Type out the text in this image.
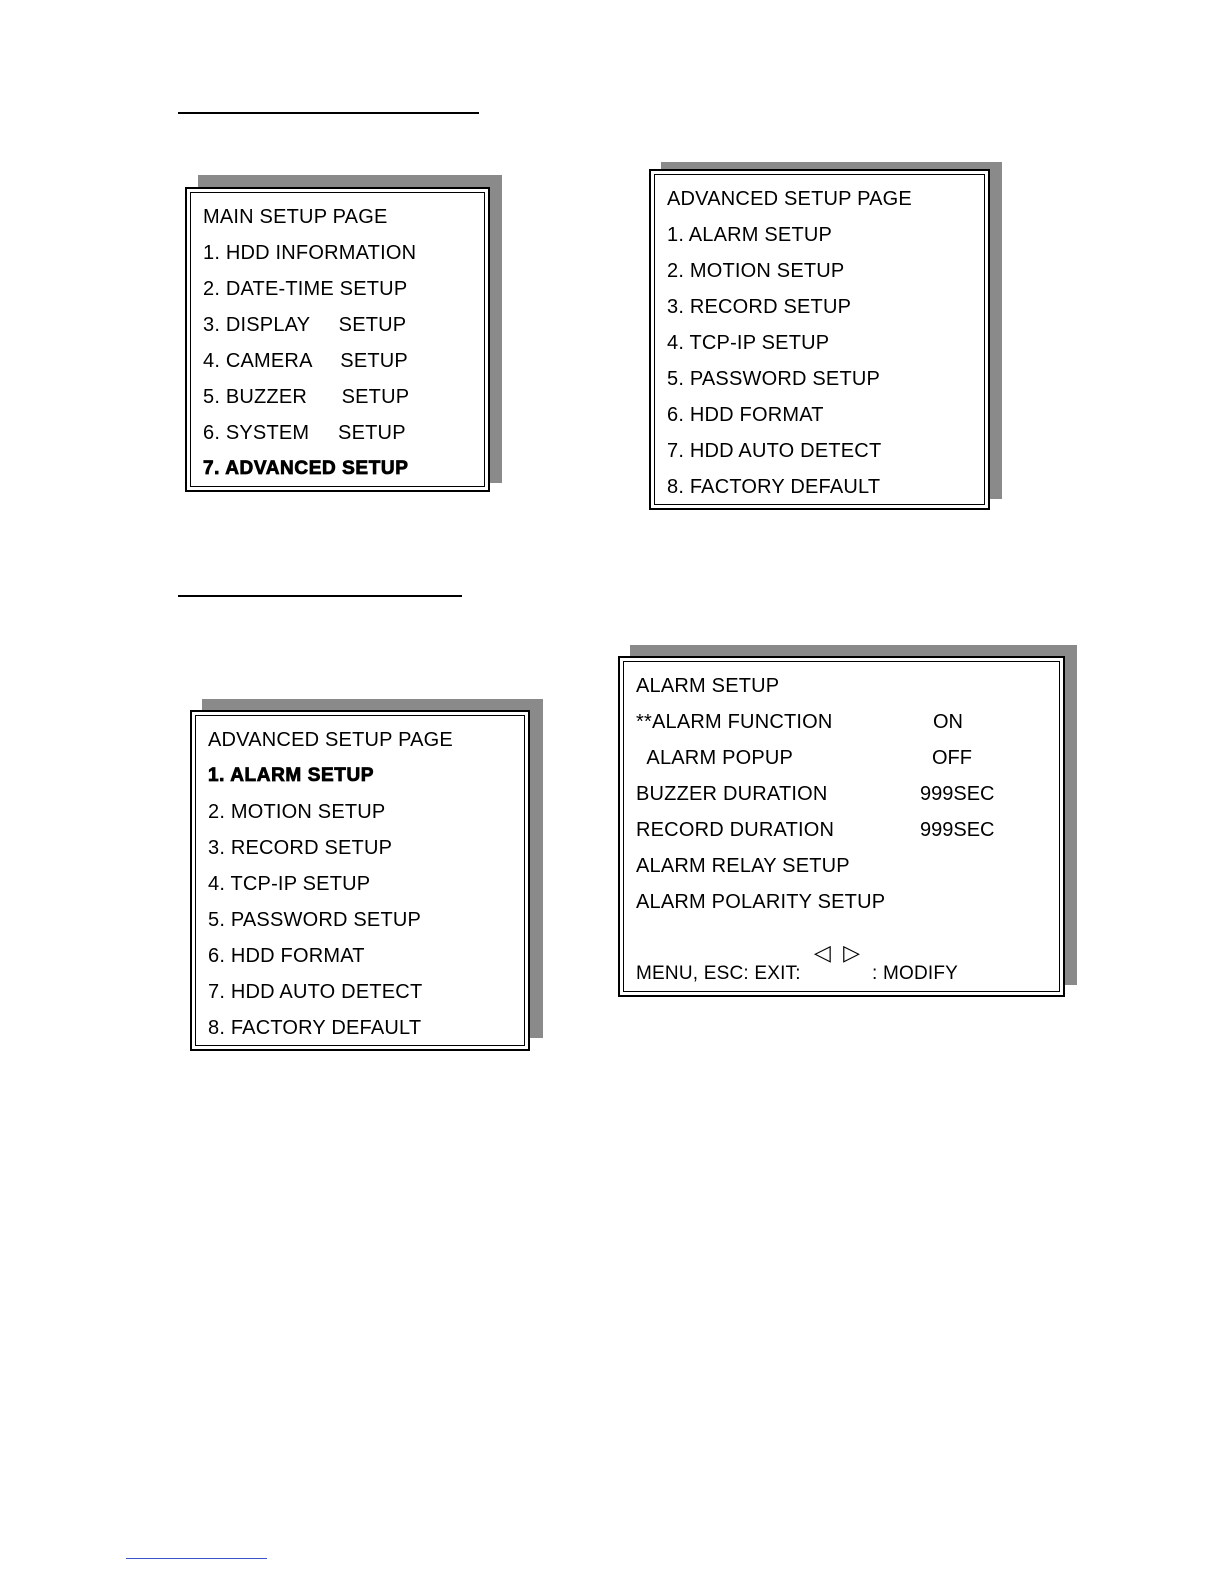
MAIN SETUP PAGE
1. HDD INFORMATION
2. DATE-TIME SETUP
3. DISPLAY     SETUP
4. CAMERA     SETUP
5. BUZZER      SETUP
6. SYSTEM     SETUP
7. ADVANCED SETUP
ADVANCED SETUP PAGE
1. ALARM SETUP
2. MOTION SETUP
3. RECORD SETUP
4. TCP-IP SETUP
5. PASSWORD SETUP
6. HDD FORMAT
7. HDD AUTO DETECT
8. FACTORY DEFAULT
ADVANCED SETUP PAGE
1. ALARM SETUP
2. MOTION SETUP
3. RECORD SETUP
4. TCP-IP SETUP
5. PASSWORD SETUP
6. HDD FORMAT
7. HDD AUTO DETECT
8. FACTORY DEFAULT
ALARM SETUP
**ALARM FUNCTION	ON
ALARM POPUP	OFF
BUZZER DURATION	999SEC
RECORD DURATION	999SEC
ALARM RELAY SETUP
ALARM POLARITY SETUP
MENU, ESC: EXIT:
◁  ▷
: MODIFY
